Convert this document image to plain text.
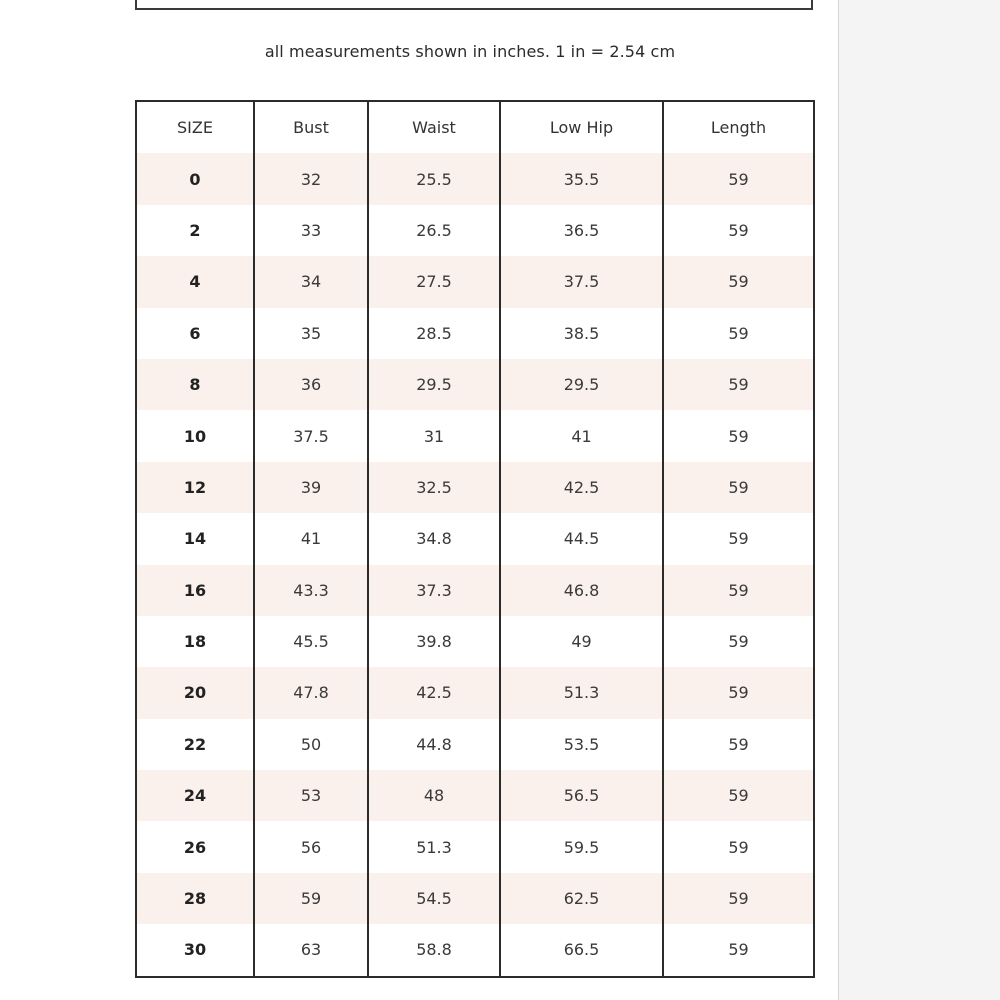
all measurements shown in inches. 1 in = 2.54 cm
SIZE	Bust	Waist	Low Hip	Length
0	32	25.5	35.5	59
2	33	26.5	36.5	59
4	34	27.5	37.5	59
6	35	28.5	38.5	59
8	36	29.5	29.5	59
10	37.5	31	41	59
12	39	32.5	42.5	59
14	41	34.8	44.5	59
16	43.3	37.3	46.8	59
18	45.5	39.8	49	59
20	47.8	42.5	51.3	59
22	50	44.8	53.5	59
24	53	48	56.5	59
26	56	51.3	59.5	59
28	59	54.5	62.5	59
30	63	58.8	66.5	59
